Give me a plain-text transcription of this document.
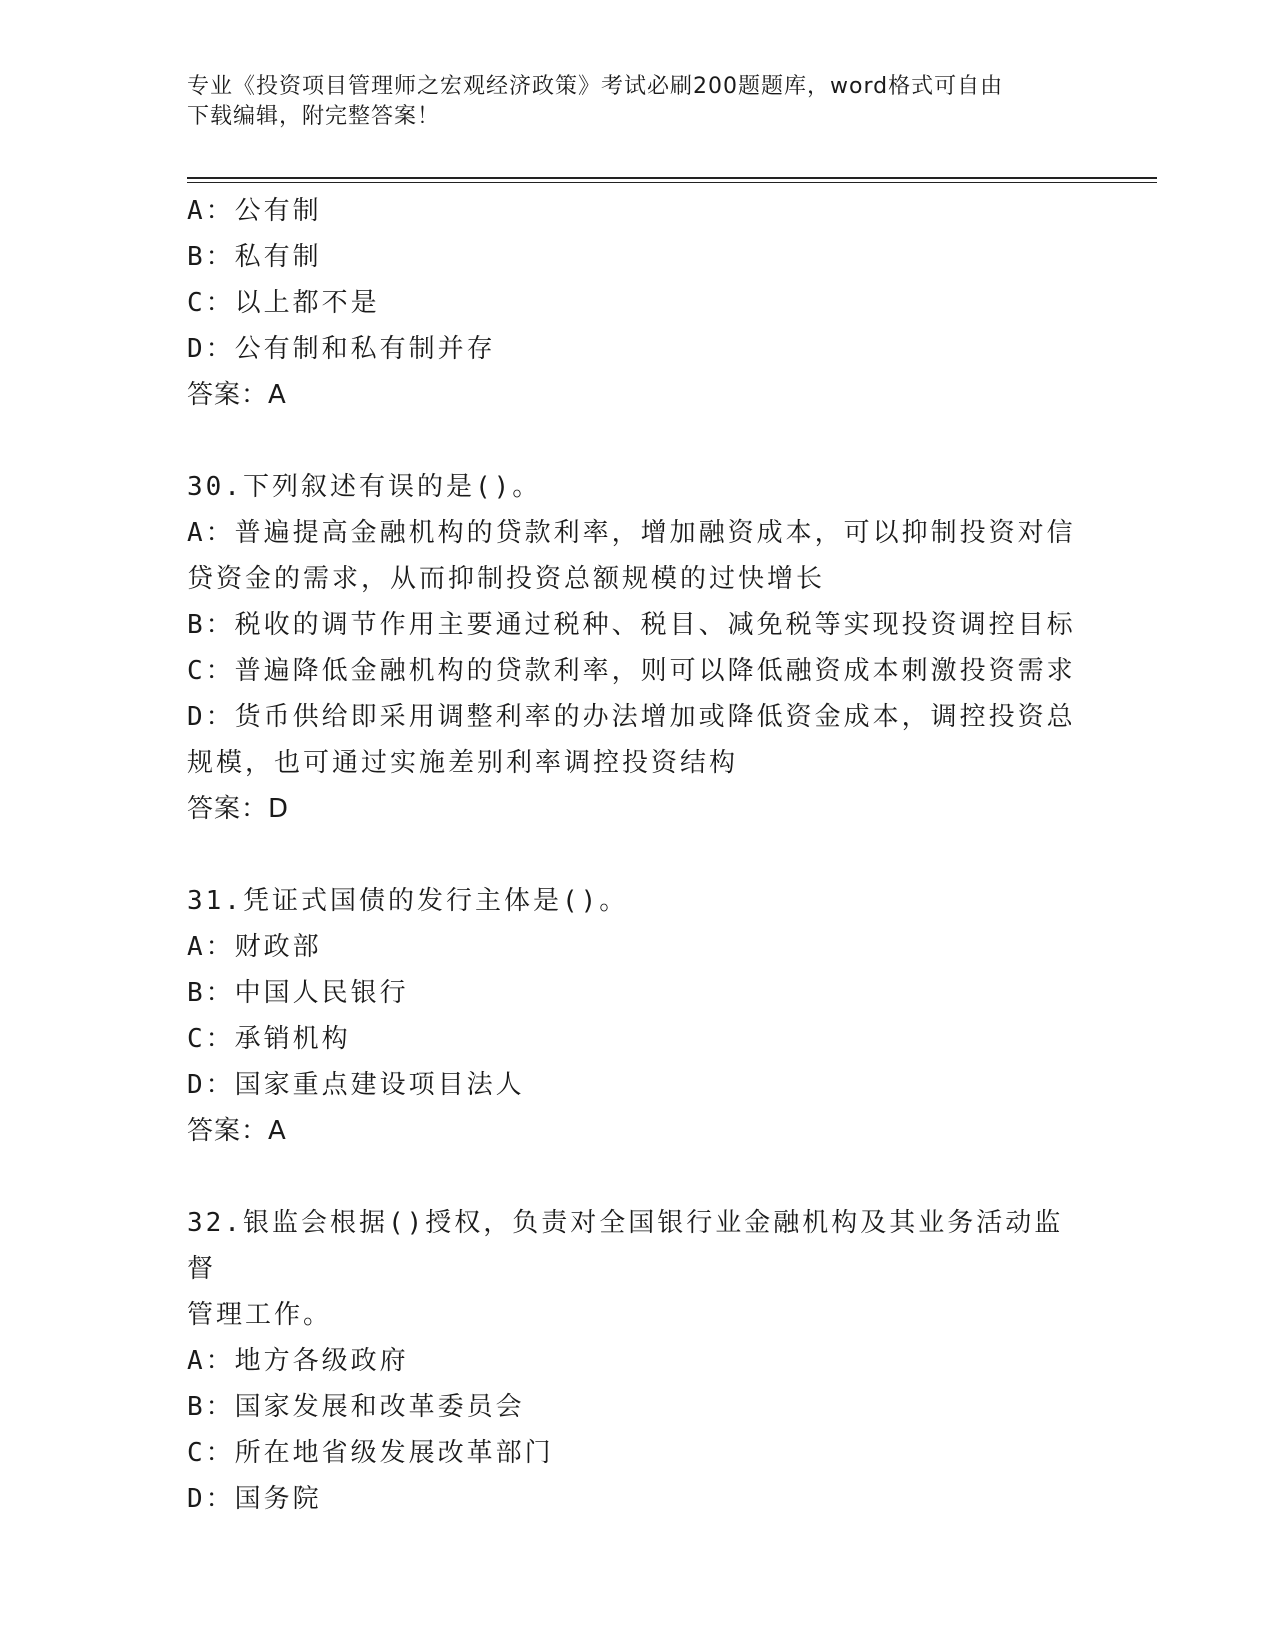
专业《投资项目管理师之宏观经济政策》考试必刷200题题库，word格式可自由
下载编辑，附完整答案！
A：公有制
B：私有制
C：以上都不是
D：公有制和私有制并存
答案：A
30.下列叙述有误的是()。
A：普遍提高金融机构的贷款利率，增加融资成本，可以抑制投资对信
贷资金的需求，从而抑制投资总额规模的过快增长
B：税收的调节作用主要通过税种、税目、减免税等实现投资调控目标
C：普遍降低金融机构的贷款利率，则可以降低融资成本刺激投资需求
D：货币供给即采用调整利率的办法增加或降低资金成本，调控投资总
规模，也可通过实施差别利率调控投资结构
答案：D
31.凭证式国债的发行主体是()。
A：财政部
B：中国人民银行
C：承销机构
D：国家重点建设项目法人
答案：A
32.银监会根据()授权，负责对全国银行业金融机构及其业务活动监督
管理工作。
A：地方各级政府
B：国家发展和改革委员会
C：所在地省级发展改革部门
D：国务院
